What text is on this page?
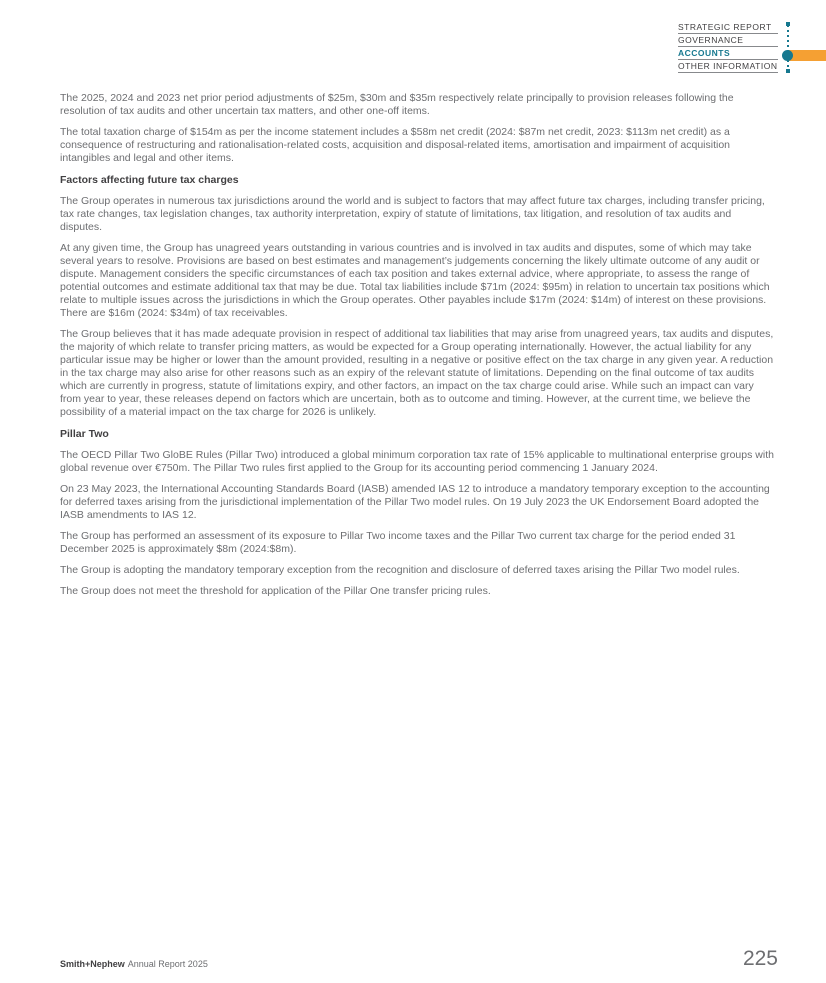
STRATEGIC REPORT
GOVERNANCE
ACCOUNTS
OTHER INFORMATION

The 2025, 2024 and 2023 net prior period adjustments of $25m, $30m and $35m respectively relate principally to provision releases following the resolution of tax audits and other uncertain tax matters, and other one-off items.

The total taxation charge of $154m as per the income statement includes a $58m net credit (2024: $87m net credit, 2023: $113m net credit) as a consequence of restructuring and rationalisation-related costs, acquisition and disposal-related items, amortisation and impairment of acquisition intangibles and legal and other items.

Factors affecting future tax charges

The Group operates in numerous tax jurisdictions around the world and is subject to factors that may affect future tax charges, including transfer pricing, tax rate changes, tax legislation changes, tax authority interpretation, expiry of statute of limitations, tax litigation, and resolution of tax audits and disputes.

At any given time, the Group has unagreed years outstanding in various countries and is involved in tax audits and disputes, some of which may take several years to resolve. Provisions are based on best estimates and management’s judgements concerning the likely ultimate outcome of any audit or dispute. Management considers the specific circumstances of each tax position and takes external advice, where appropriate, to assess the range of potential outcomes and estimate additional tax that may be due. Total tax liabilities include $71m (2024: $95m) in relation to uncertain tax positions which relate to multiple issues across the jurisdictions in which the Group operates. Other payables include $17m (2024: $14m) of interest on these provisions. There are $16m (2024: $34m) of tax receivables.

The Group believes that it has made adequate provision in respect of additional tax liabilities that may arise from unagreed years, tax audits and disputes, the majority of which relate to transfer pricing matters, as would be expected for a Group operating internationally. However, the actual liability for any particular issue may be higher or lower than the amount provided, resulting in a negative or positive effect on the tax charge in any given year. A reduction in the tax charge may also arise for other reasons such as an expiry of the relevant statute of limitations. Depending on the final outcome of tax audits which are currently in progress, statute of limitations expiry, and other factors, an impact on the tax charge could arise. While such an impact can vary from year to year, these releases depend on factors which are uncertain, both as to outcome and timing. However, at the current time, we believe the possibility of a material impact on the tax charge for 2026 is unlikely.

Pillar Two

The OECD Pillar Two GloBE Rules (Pillar Two) introduced a global minimum corporation tax rate of 15% applicable to multinational enterprise groups with global revenue over €750m. The Pillar Two rules first applied to the Group for its accounting period commencing 1 January 2024.

On 23 May 2023, the International Accounting Standards Board (IASB) amended IAS 12 to introduce a mandatory temporary exception to the accounting for deferred taxes arising from the jurisdictional implementation of the Pillar Two model rules. On 19 July 2023 the UK Endorsement Board adopted the IASB amendments to IAS 12.

The Group has performed an assessment of its exposure to Pillar Two income taxes and the Pillar Two current tax charge for the period ended 31 December 2025 is approximately $8m (2024:$8m).

The Group is adopting the mandatory temporary exception from the recognition and disclosure of deferred taxes arising the Pillar Two model rules.

The Group does not meet the threshold for application of the Pillar One transfer pricing rules.

Smith+Nephew Annual Report 2025	225
